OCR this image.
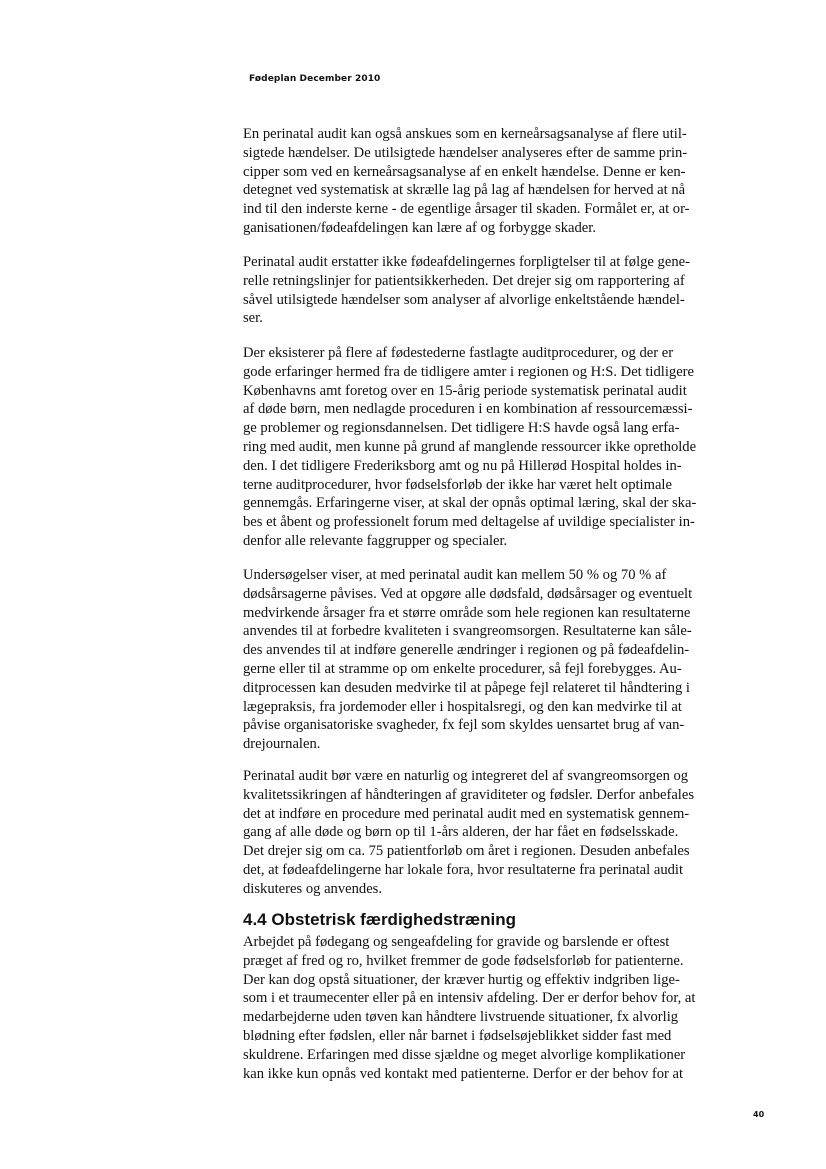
Fødeplan December 2010
En perinatal audit kan også anskues som en kerneårsagsanalyse af flere util-
sigtede hændelser. De utilsigtede hændelser analyseres efter de samme prin-
cipper som ved en kerneårsagsanalyse af en enkelt hændelse. Denne er ken-
detegnet ved systematisk at skrælle lag på lag af hændelsen for herved at nå
ind til den inderste kerne - de egentlige årsager til skaden. Formålet er, at or-
ganisationen/fødeafdelingen kan lære af og forbygge skader.
Perinatal audit erstatter ikke fødeafdelingernes forpligtelser til at følge gene-
relle retningslinjer for patientsikkerheden. Det drejer sig om rapportering af
såvel utilsigtede hændelser som analyser af alvorlige enkeltstående hændel-
ser.
Der eksisterer på flere af fødestederne fastlagte auditprocedurer, og der er
gode erfaringer hermed fra de tidligere amter i regionen og H:S. Det tidligere
Københavns amt foretog over en 15-årig periode systematisk perinatal audit
af døde børn, men nedlagde proceduren i en kombination af ressourcemæssi-
ge problemer og regionsdannelsen. Det tidligere H:S havde også lang erfa-
ring med audit, men kunne på grund af manglende ressourcer ikke opretholde
den. I det tidligere Frederiksborg amt og nu på Hillerød Hospital holdes in-
terne auditprocedurer, hvor fødselsforløb der ikke har været helt optimale
gennemgås. Erfaringerne viser, at skal der opnås optimal læring, skal der ska-
bes et åbent og professionelt forum med deltagelse af uvildige specialister in-
denfor alle relevante faggrupper og specialer.
Undersøgelser viser, at med perinatal audit kan mellem 50 % og 70 % af
dødsårsagerne påvises. Ved at opgøre alle dødsfald, dødsårsager og eventuelt
medvirkende årsager fra et større område som hele regionen kan resultaterne
anvendes til at forbedre kvaliteten i svangreomsorgen. Resultaterne kan såle-
des anvendes til at indføre generelle ændringer i regionen og på fødeafdelin-
gerne eller til at stramme op om enkelte procedurer, så fejl forebygges. Au-
ditprocessen kan desuden medvirke til at påpege fejl relateret til håndtering i
lægepraksis, fra jordemoder eller i hospitalsregi, og den kan medvirke til at
påvise organisatoriske svagheder, fx fejl som skyldes uensartet brug af van-
drejournalen.
Perinatal audit bør være en naturlig og integreret del af svangreomsorgen og
kvalitetssikringen af håndteringen af graviditeter og fødsler. Derfor anbefales
det at indføre en procedure med perinatal audit med en systematisk gennem-
gang af alle døde og børn op til 1-års alderen, der har fået en fødselsskade.
Det drejer sig om ca. 75 patientforløb om året i regionen. Desuden anbefales
det, at fødeafdelingerne har lokale fora, hvor resultaterne fra perinatal audit
diskuteres og anvendes.
4.4 Obstetrisk færdighedstræning
Arbejdet på fødegang og sengeafdeling for gravide og barslende er oftest
præget af fred og ro, hvilket fremmer de gode fødselsforløb for patienterne.
Der kan dog opstå situationer, der kræver hurtig og effektiv indgriben lige-
som i et traumecenter eller på en intensiv afdeling. Der er derfor behov for, at
medarbejderne uden tøven kan håndtere livstruende situationer, fx alvorlig
blødning efter fødslen, eller når barnet i fødselsøjeblikket sidder fast med
skuldrene. Erfaringen med disse sjældne og meget alvorlige komplikationer
kan ikke kun opnås ved kontakt med patienterne. Derfor er der behov for at
40
